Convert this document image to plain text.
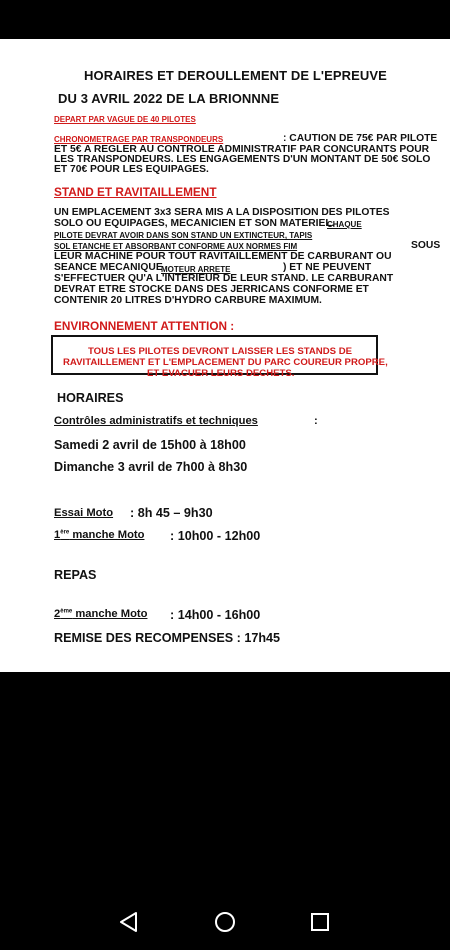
HORAIRES ET DEROULLEMENT DE L'EPREUVE
DU 3 AVRIL 2022 DE LA BRIONNNE
DEPART PAR VAGUE DE 40 PILOTES
CHRONOMETRAGE PAR TRANSPONDEURS	: CAUTION DE 75€ PAR PILOTE
ET 5€ A REGLER AU CONTROLE ADMINISTRATIF PAR CONCURANTS POUR
LES TRANSPONDEURS. LES ENGAGEMENTS D'UN MONTANT DE 50€ SOLO
ET 70€ POUR LES EQUIPAGES.
STAND ET RAVITAILLEMENT
UN EMPLACEMENT 3x3 SERA MIS A LA DISPOSITION DES PILOTES
SOLO OU EQUIPAGES, MECANICIEN ET SON MATERIEL.
CHAQUE
PILOTE DEVRAT AVOIR DANS SON STAND UN EXTINCTEUR, TAPIS
SOL ETANCHE ET ABSORBANT CONFORME AUX NORMES FIM	SOUS
LEUR MACHINE POUR TOUT RAVITAILLEMENT DE CARBURANT OU
SEANCE MECANIQUE
MOTEUR ARRETE	) ET NE PEUVENT
S'EFFECTUER QU'A L'INTERIEUR DE LEUR STAND. LE CARBURANT
DEVRAT ETRE STOCKE DANS DES JERRICANS CONFORME ET
CONTENIR 20 LITRES D'HYDRO CARBURE MAXIMUM.
ENVIRONNEMENT ATTENTION :
TOUS LES PILOTES DEVRONT LAISSER LES STANDS DE
RAVITAILLEMENT ET L'EMPLACEMENT DU PARC COUREUR PROPRE,
ET EVACUER LEURS DECHETS.
HORAIRES
Contrôles administratifs et techniques	:
Samedi 2 avril de 15h00 à 18h00
Dimanche 3 avril de 7h00 à 8h30
Essai Moto : 8h 45 – 9h30
1ère manche Moto : 10h00 - 12h00
REPAS
2ème manche Moto : 14h00 - 16h00
REMISE DES RECOMPENSES : 17h45
